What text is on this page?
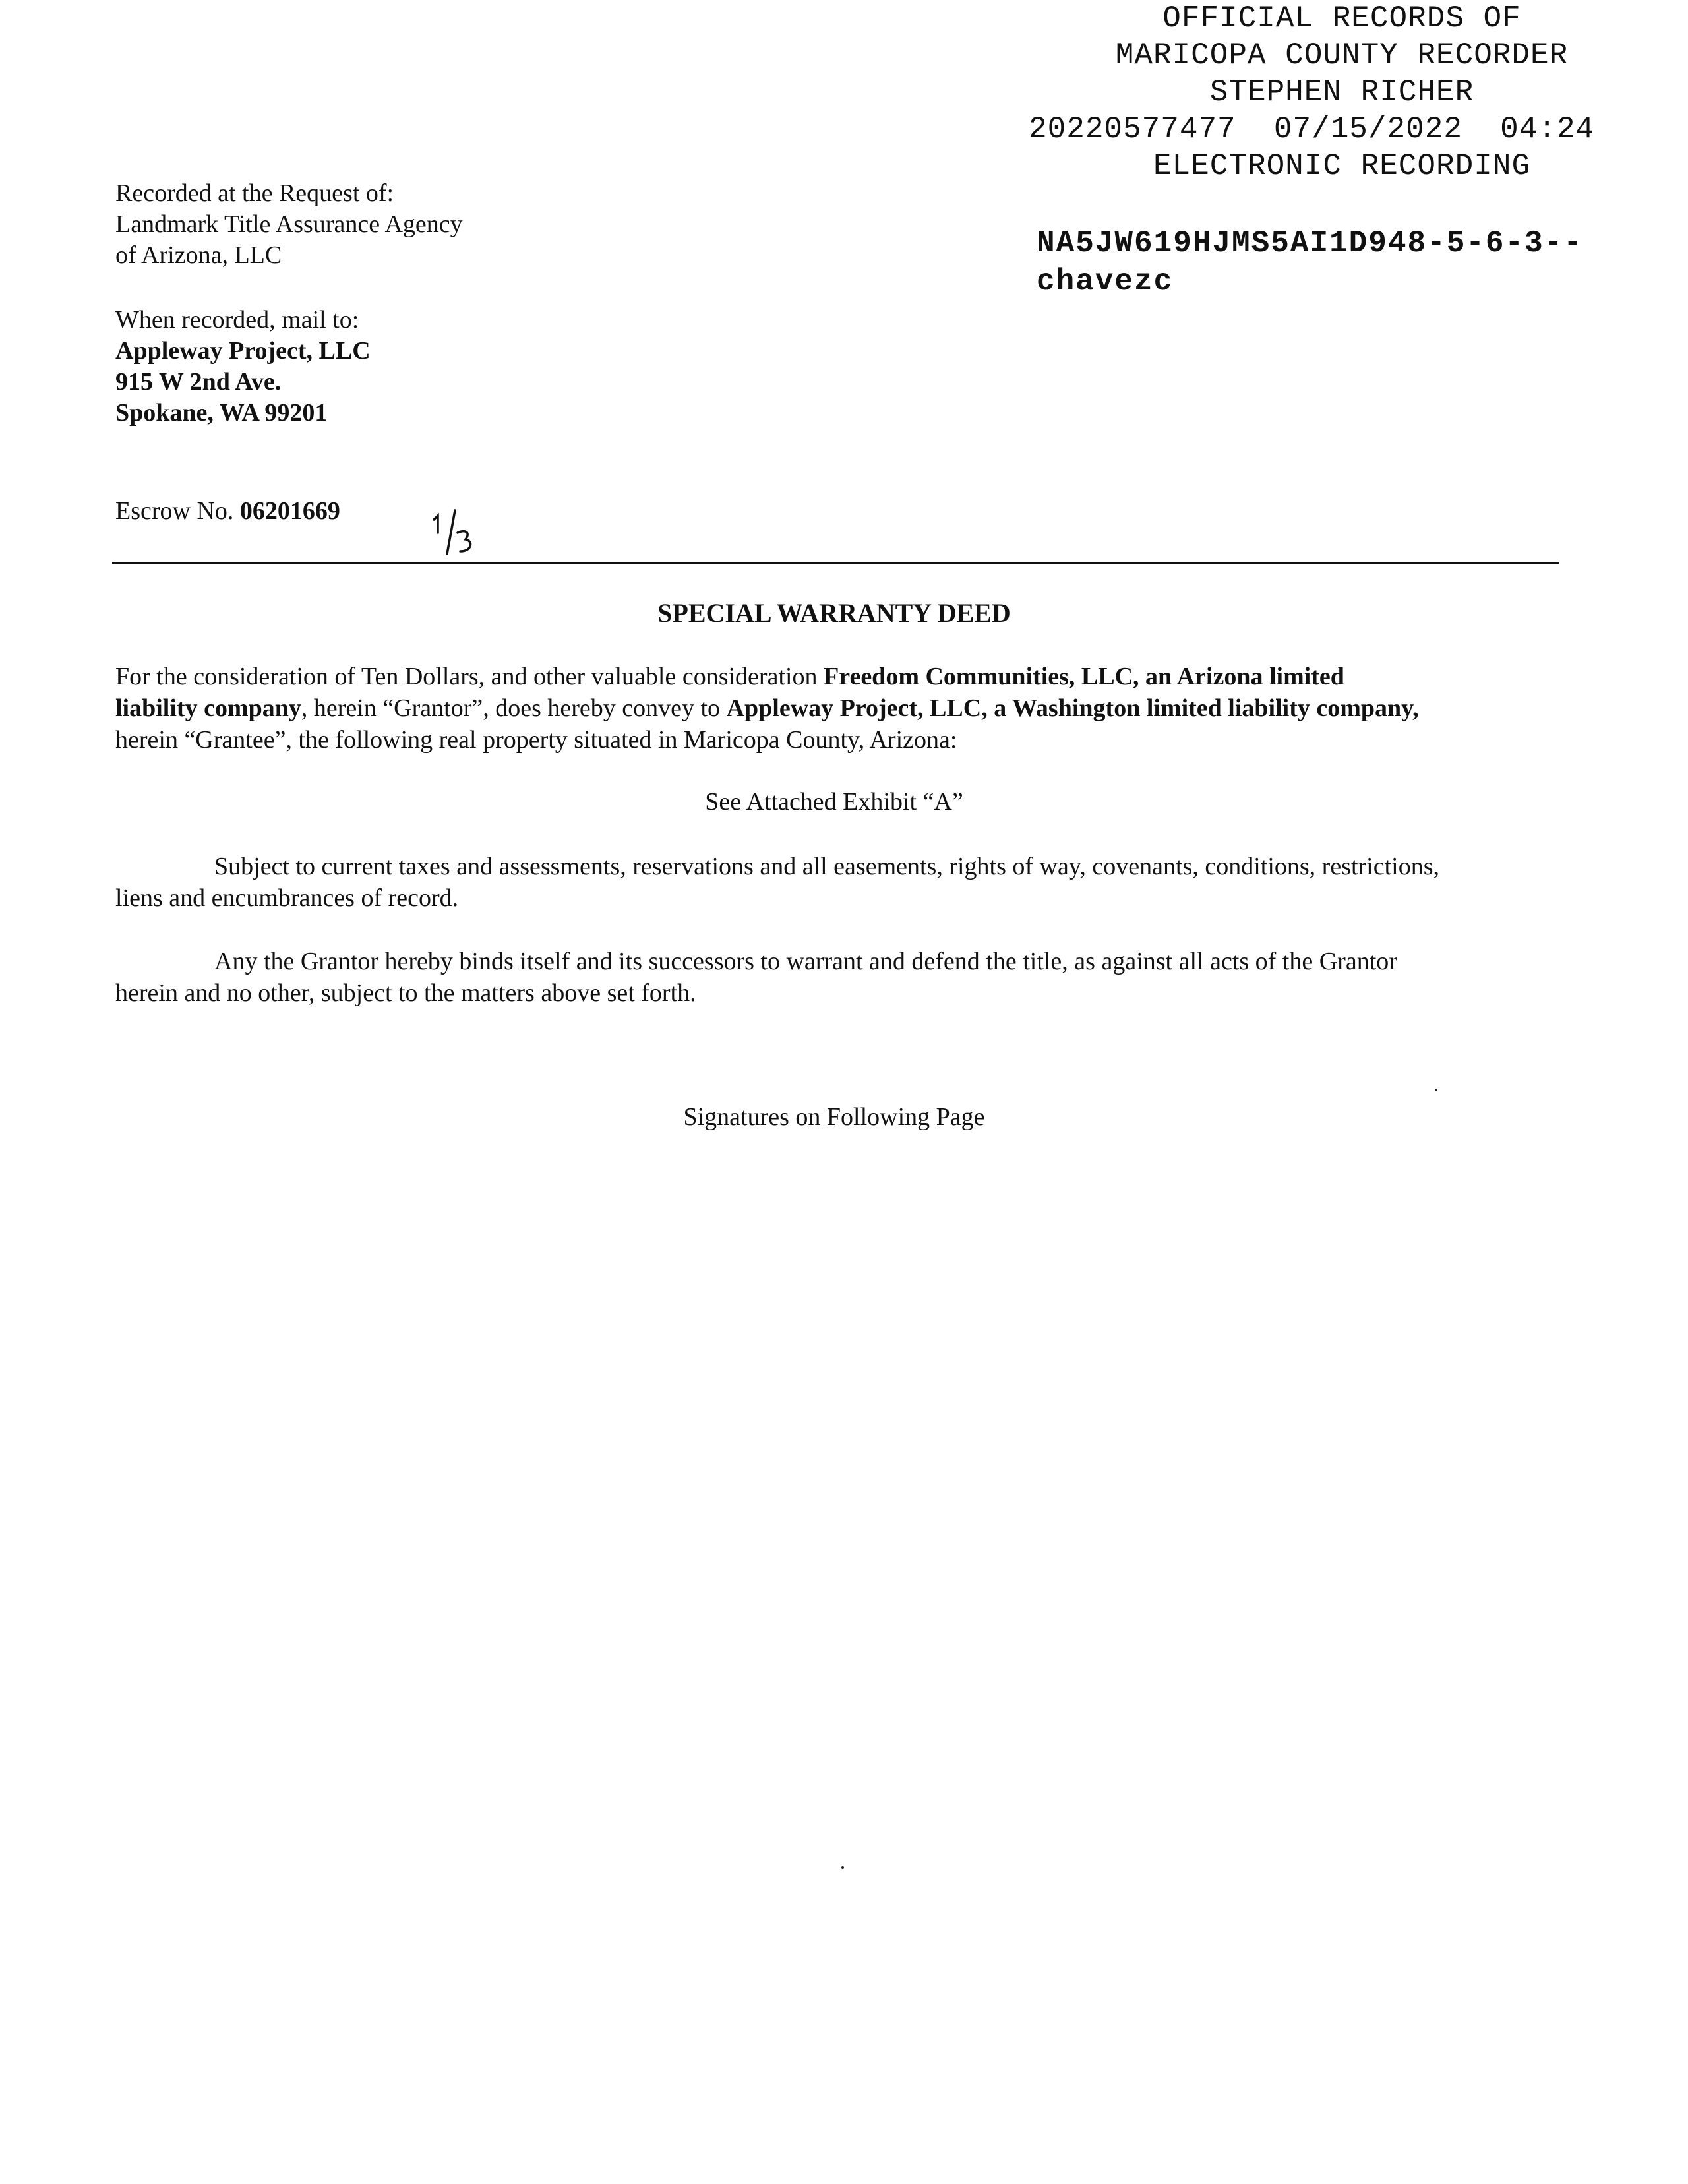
OFFICIAL RECORDS OF
MARICOPA COUNTY RECORDER
STEPHEN RICHER
20220577477 07/15/2022 04:24
ELECTRONIC RECORDING
NA5JW619HJMS5AI1D948-5-6-3--
chavezc
Recorded at the Request of:
Landmark Title Assurance Agency
of Arizona, LLC
When recorded, mail to:
Appleway Project, LLC
915 W 2nd Ave.
Spokane, WA 99201
Escrow No. 06201669
SPECIAL WARRANTY DEED
For the consideration of Ten Dollars, and other valuable consideration Freedom Communities, LLC, an Arizona limited
liability company, herein “Grantor”, does hereby convey to Appleway Project, LLC, a Washington limited liability company,
herein “Grantee”, the following real property situated in Maricopa County, Arizona:
See Attached Exhibit “A”
Subject to current taxes and assessments, reservations and all easements, rights of way, covenants, conditions, restrictions,
liens and encumbrances of record.
Any the Grantor hereby binds itself and its successors to warrant and defend the title, as against all acts of the Grantor
herein and no other, subject to the matters above set forth.
Signatures on Following Page
